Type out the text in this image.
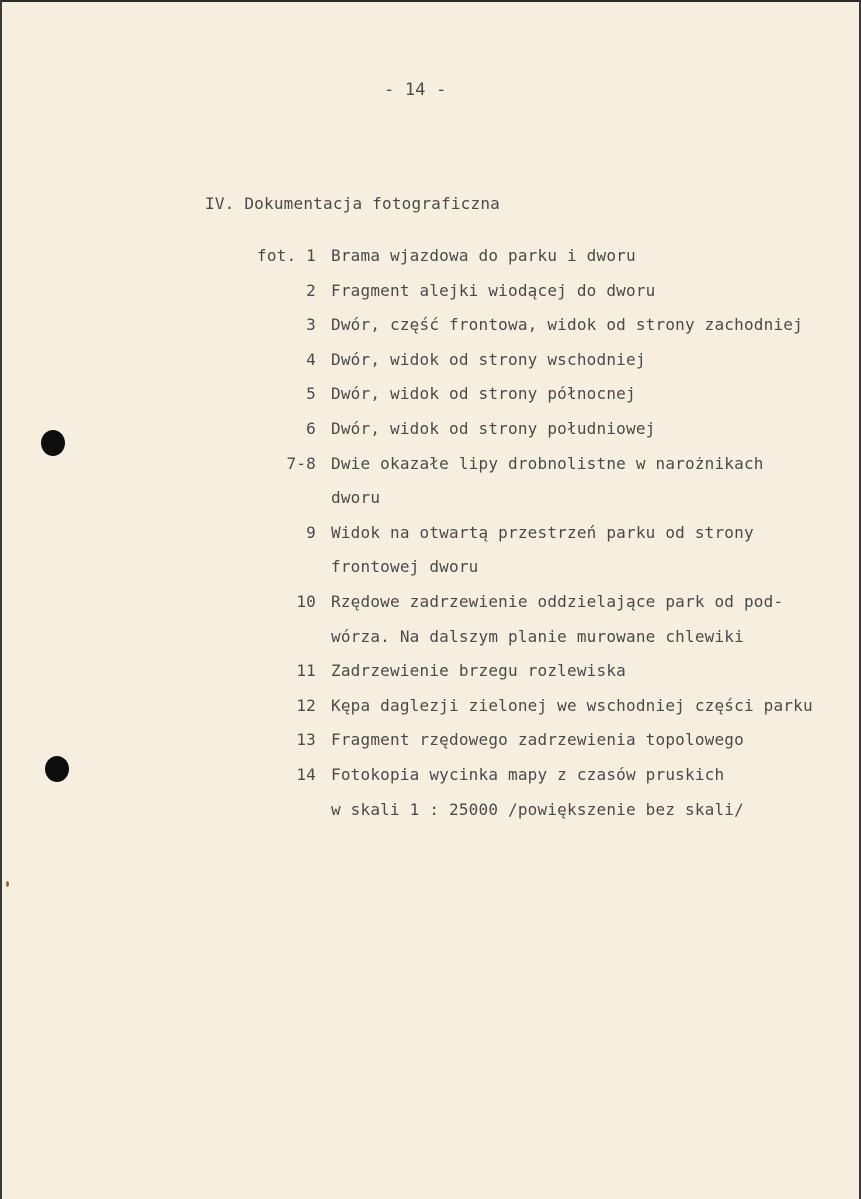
- 14 -
IV. Dokumentacja fotograficzna
fot. 1 Brama wjazdowa do parku i dworu
2 Fragment alejki wiodącej do dworu
3 Dwór, część frontowa, widok od strony zachodniej
4 Dwór, widok od strony wschodniej
5 Dwór, widok od strony północnej
6 Dwór, widok od strony południowej
7-8 Dwie okazałe lipy drobnolistne w narożnikach
dworu
9 Widok na otwartą przestrzeń parku od strony
frontowej dworu
10 Rzędowe zadrzewienie oddzielające park od pod-
wórza. Na dalszym planie murowane chlewiki
11 Zadrzewienie brzegu rozlewiska
12 Kępa daglezji zielonej we wschodniej części parku
13 Fragment rzędowego zadrzewienia topolowego
14 Fotokopia wycinka mapy z czasów pruskich
w skali 1 : 25000 /powiększenie bez skali/
